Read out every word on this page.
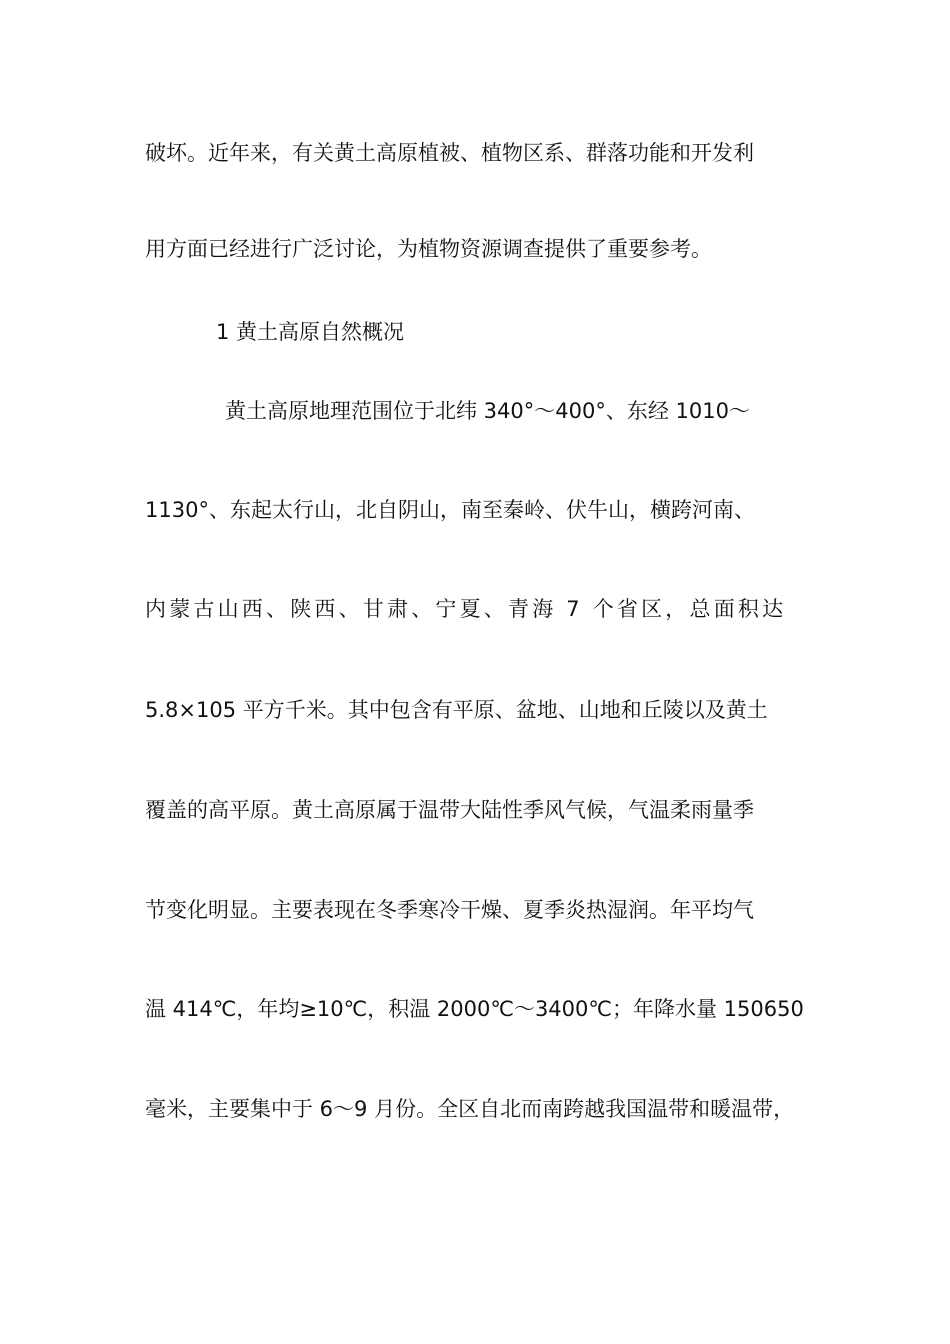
破坏。近年来，有关黄土高原植被、植物区系、群落功能和开发利

用方面已经进行广泛讨论，为植物资源调查提供了重要参考。

1 黄土高原自然概况

黄土高原地理范围位于北纬 340°～400°、东经 1010～

1130°、东起太行山，北自阴山，南至秦岭、伏牛山，横跨河南、

内蒙古山西、陕西、甘肃、宁夏、青海 7 个省区，总面积达

5.8×105 平方千米。其中包含有平原、盆地、山地和丘陵以及黄土

覆盖的高平原。黄土高原属于温带大陆性季风气候，气温柔雨量季

节变化明显。主要表现在冬季寒冷干燥、夏季炎热湿润。年平均气

温 414℃，年均≥10℃，积温 2000℃～3400℃；年降水量 150650

毫米，主要集中于 6～9 月份。全区自北而南跨越我国温带和暖温带，
